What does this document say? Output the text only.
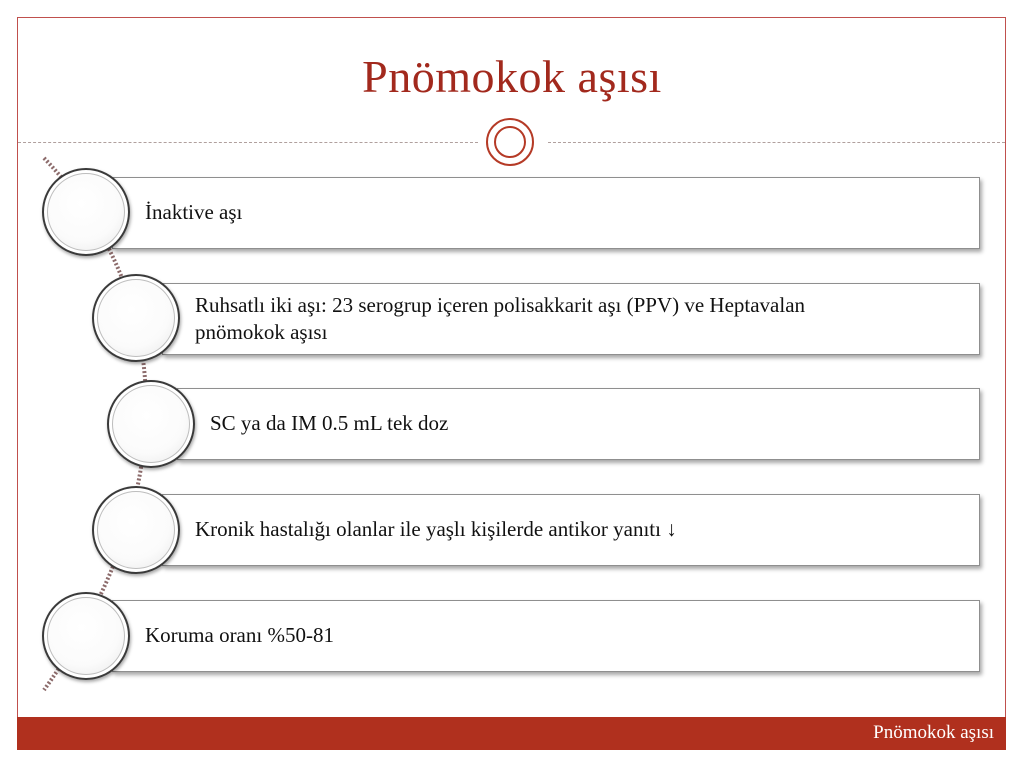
Pnömokok aşısı
İnaktive aşı
Ruhsatlı iki aşı: 23 serogrup içeren polisakkarit aşı (PPV) ve Heptavalan pnömokok aşısı
SC ya da IM 0.5 mL tek doz
Kronik hastalığı olanlar ile yaşlı kişilerde antikor yanıtı ↓
Koruma oranı %50-81
Pnömokok aşısı
